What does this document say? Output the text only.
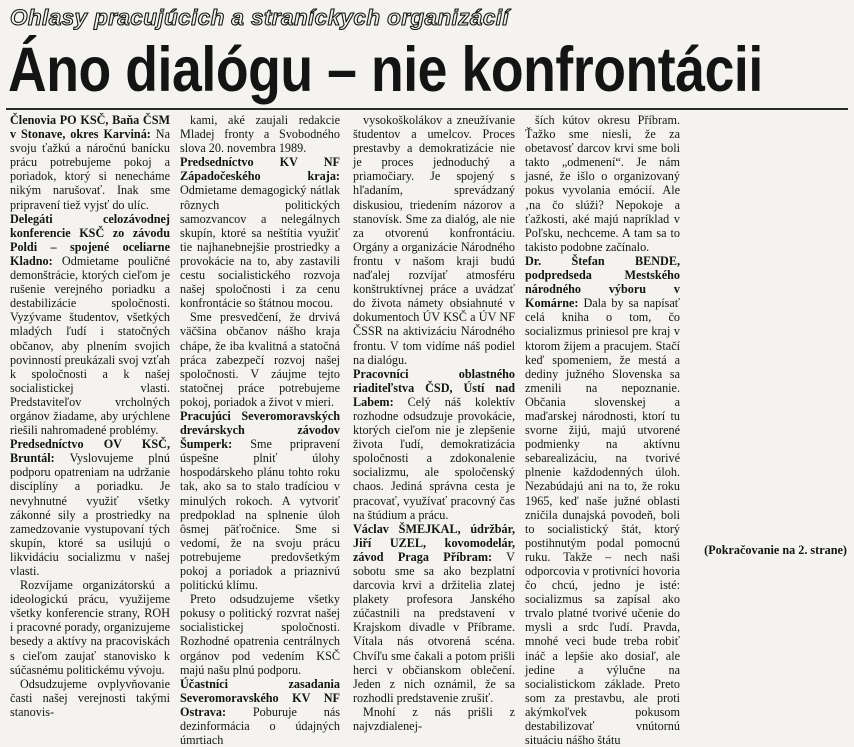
Ohlasy pracujúcich a straníckych organizácií
Áno dialógu – nie konfrontácii

Členovia PO KSČ, Baňa ČSM v Stonave, okres Karviná: Na svoju ťažkú a náročnú banícku prácu potrebujeme pokoj a poriadok, ktorý si nenecháme nikým narušovať. Inak sme pripravení tiež vyjsť do ulíc.

Delegáti celozávodnej konferencie KSČ zo závodu Poldi – spojené oceliarne Kladno: Odmietame pouličné demonštrácie, ktorých cieľom je rušenie verejného poriadku a destabilizácie spoločnosti. Vyzývame študentov, všetkých mladých ľudí i statočných občanov, aby plnením svojich povinností preukázali svoj vzťah k spoločnosti a k našej socialistickej vlasti. Predstaviteľov vrcholných orgánov žiadame, aby urýchlene riešili nahromadené problémy.

Predsedníctvo OV KSČ, Bruntál: Vyslovujeme plnú podporu opatreniam na udržanie disciplíny a poriadku. Je nevyhnutné využiť všetky zákonné sily a prostriedky na zamedzovanie vystupovaní tých skupín, ktoré sa usilujú o likvidáciu socializmu v našej vlasti.

Rozvíjame organizátorskú a ideologickú prácu, využijeme všetky konferencie strany, ROH i pracovné porady, organizujeme besedy a aktívy na pracoviskách s cieľom zaujať stanovisko k súčasnému politickému vývoju.

Odsudzujeme ovplyvňovanie časti našej verejnosti takými stanovis-

kami, aké zaujali redakcie Mladej fronty a Svobodného slova 20. novembra 1989.

Predsedníctvo KV NF Západočeského kraja: Odmietame demagogický nátlak rôznych politických samozvancov a nelegálnych skupín, ktoré sa neštítia využiť tie najhanebnejšie prostriedky a provokácie na to, aby zastavili cestu socialistického rozvoja našej spoločnosti i za cenu konfrontácie so štátnou mocou.

Sme presvedčení, že drvivá väčšina občanov nášho kraja chápe, že iba kvalitná a statočná práca zabezpečí rozvoj našej spoločnosti. V záujme tejto statočnej práce potrebujeme pokoj, poriadok a život v mieri.

Pracujúci Severomoravských drevárskych závodov Šumperk: Sme pripravení úspešne plniť úlohy hospodárskeho plánu tohto roku tak, ako sa to stalo tradíciou v minulých rokoch. A vytvoriť predpoklad na splnenie úloh ôsmej päťročnice. Sme si vedomí, že na svoju prácu potrebujeme predovšetkým pokoj a poriadok a priaznivú politickú klímu.

Preto odsudzujeme všetky pokusy o politický rozvrat našej socialistickej spoločnosti. Rozhodné opatrenia centrálnych orgánov pod vedením KSČ majú našu plnú podporu.

Účastníci zasadania Severomoravského KV NF Ostrava: Poburuje nás dezinformácia o údajných úmrtiach

vysokoškolákov a zneužívanie študentov a umelcov. Proces prestavby a demokratizácie nie je proces jednoduchý a priamočiary. Je spojený s hľadaním, sprevádzaný diskusiou, triedením názorov a stanovísk. Sme za dialóg, ale nie za otvorenú konfrontáciu. Orgány a organizácie Národného frontu v našom kraji budú naďalej rozvíjať atmosféru konštruktívnej práce a uvádzať do života námety obsiahnuté v dokumentoch ÚV KSČ a ÚV NF ČSSR na aktivizáciu Národného frontu. V tom vidíme náš podiel na dialógu.

Pracovníci oblastného riaditeľstva ČSD, Ústí nad Labem: Celý náš kolektív rozhodne odsudzuje provokácie, ktorých cieľom nie je zlepšenie života ľudí, demokratizácia spoločnosti a zdokonalenie socializmu, ale spoločenský chaos. Jediná správna cesta je pracovať, využívať pracovný čas na štúdium a prácu.

Václav ŠMEJKAL, údržbár, Jiří UZEL, kovomodelár, závod Praga Příbram: V sobotu sme sa ako bezplatní darcovia krvi a držitelia zlatej plakety profesora Janského zúčastnili na predstavení v Krajskom divadle v Příbrame. Vítala nás otvorená scéna. Chvíľu sme čakali a potom prišli herci v občianskom oblečení. Jeden z nich oznámil, že sa rozhodli predstavenie zrušiť.

Mnohí z nás prišli z najvzdialenej-

ších kútov okresu Příbram. Ťažko sme niesli, že za obetavosť darcov krvi sme boli takto „odmenení“. Je nám jasné, že išlo o organizovaný pokus vyvolania emócií. Ale ‚na čo slúži? Nepokoje a ťažkosti, aké majú napríklad v Poľsku, nechceme. A tam sa to takisto podobne začínalo.

Dr. Štefan BENDE, podpredseda Mestského národného výboru v Komárne: Dala by sa napísať celá kniha o tom, čo socializmus priniesol pre kraj v ktorom žijem a pracujem. Stačí keď spomeniem, že mestá a dediny južného Slovenska sa zmenili na nepoznanie. Občania slovenskej a maďarskej národnosti, ktorí tu svorne žijú, majú utvorené podmienky na aktívnu sebarealizáciu, na tvorivé plnenie každodenných úloh. Nezabúdajú ani na to, že roku 1965, keď naše južné oblasti zničila dunajská povodeň, boli to socialistický štát, ktorý postihnutým podal pomocnú ruku. Takže – nech naši odporcovia v protivníci hovoria čo chcú, jedno je isté: socializmus sa zapísal ako trvalo platné tvorivé učenie do mysli a srdc ľudí. Pravda, mnohé veci bude treba robiť ináč a lepšie ako dosiaľ, ale jedine a výlučne na socialistickom základe. Preto som za prestavbu, ale proti akýmkoľvek pokusom destabilizovať vnútornú situáciu nášho štátu

(Pokračovanie na 2. strane)
